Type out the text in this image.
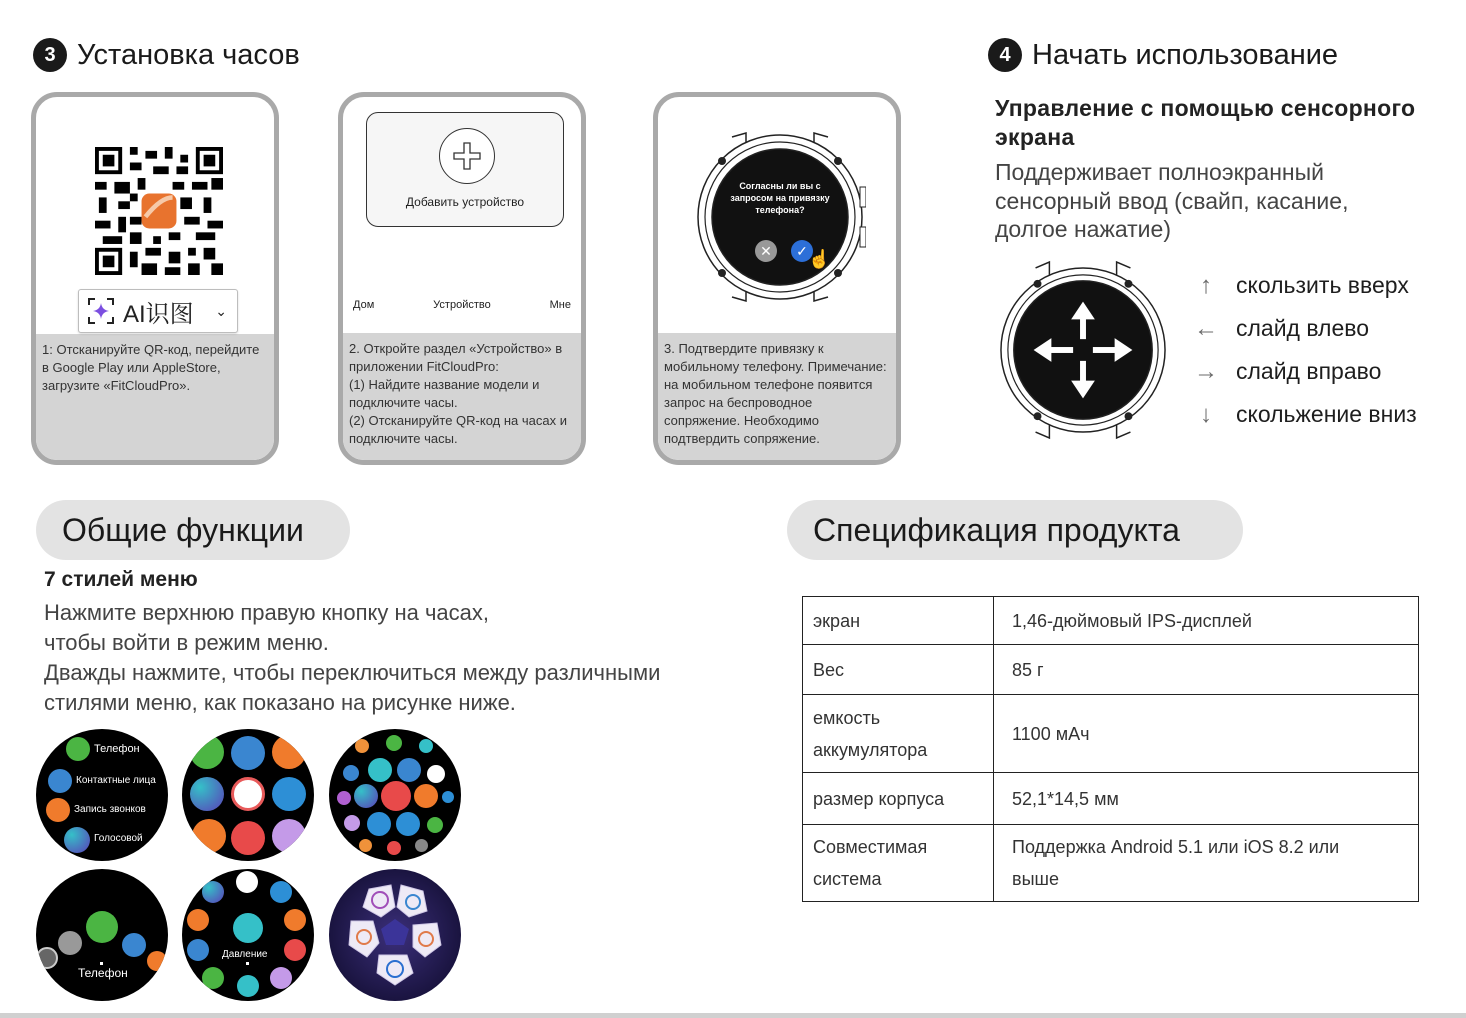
3 Установка часов
AI识图 ⌄
1: Отсканируйте QR-код, перейдите в Google Play или AppleStore, загрузите «FitCloudPro».
Добавить устройство
Дом	Устройство	Мне
2. Откройте раздел «Устройство» в приложении FitCloudPro:
(1) Найдите название модели и подключите часы.
(2) Отсканируйте QR-код на часах и подключите часы.
Согласны ли вы с запросом на привязку телефона?
✕	✓ ☝
3. Подтвердите привязку к мобильному телефону. Примечание: на мобильном телефоне появится запрос на беспроводное сопряжение. Необходимо подтвердить сопряжение.
4 Начать использование
Управление с помощью сенсорного экрана
Поддерживает полноэкранный сенсорный ввод (свайп, касание, долгое нажатие)
↑ скользить вверх
← слайд влево
→ слайд вправо
↓ скольжение вниз
Общие функции
7 стилей меню
Нажмите верхнюю правую кнопку на часах,
чтобы войти в режим меню.
Дважды нажмите, чтобы переключиться между различными
стилями меню, как показано на рисунке ниже.
Телефон
Контактные лица
Запись звонков
Голосовой
Телефон
Давление
Спецификация продукта
экран	1,46-дюймовый IPS-дисплей
Вес	85 г
емкость аккумулятора	1100 мАч
размер корпуса	52,1*14,5 мм
Совместимая система	Поддержка Android 5.1 или iOS 8.2 или выше
